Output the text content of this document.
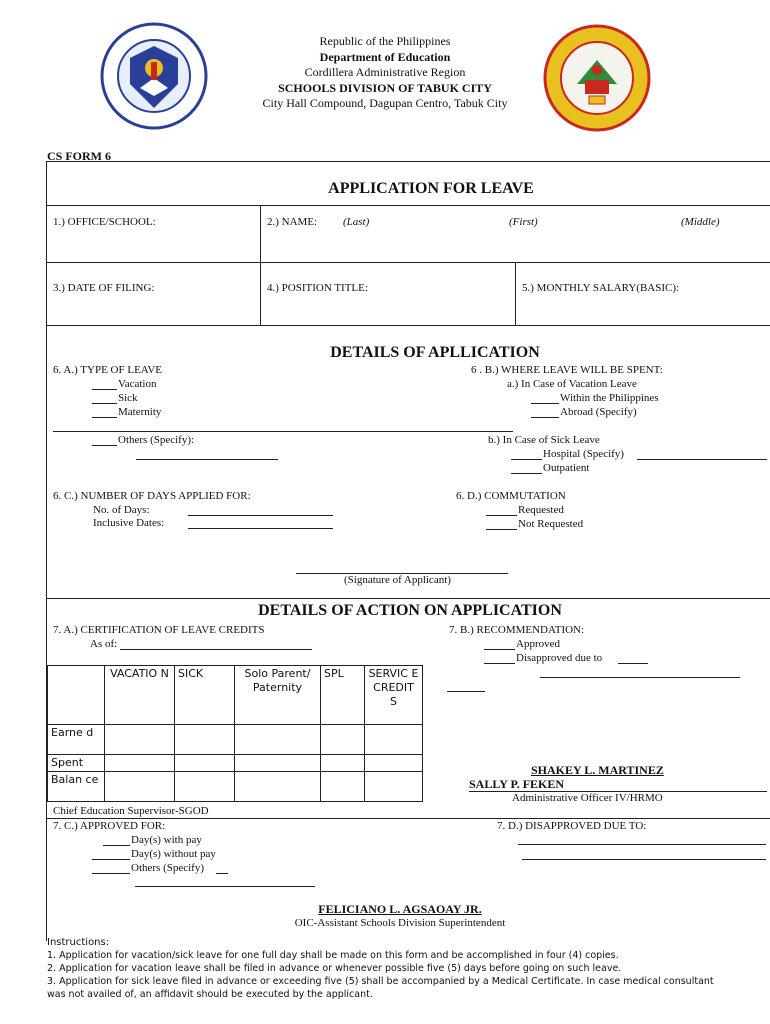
Republic of the Philippines
Department of Education
Cordillera Administrative Region
SCHOOLS DIVISION OF TABUK CITY
City Hall Compound, Dagupan Centro, Tabuk City
CS FORM 6
APPLICATION FOR LEAVE
1.) OFFICE/SCHOOL:	2.) NAME: (Last)	(First)	(Middle)
3.) DATE OF FILING:	4.) POSITION TITLE:	5.) MONTHLY SALARY(BASIC):
DETAILS OF APLLICATION
6. A.) TYPE OF LEAVE
Vacation
Sick
Maternity
Others (Specify):
6 . B.) WHERE LEAVE WILL BE SPENT:
a.) In Case of Vacation Leave
Within the Philippines
Abroad (Specify)
b.) In Case of Sick Leave
Hospital (Specify)
Outpatient
6. C.) NUMBER OF DAYS APPLIED FOR:
No. of Days:
Inclusive Dates:
6. D.) COMMUTATION
Requested
Not Requested
(Signature of Applicant)
DETAILS OF ACTION ON APPLICATION
7. A.) CERTIFICATION OF LEAVE CREDITS
As of:
7. B.) RECOMMENDATION:
Approved
Disapproved due to
	VACATIO N	SICK	Solo Parent/ Paternity	SPL	SERVIC E CREDIT S
Earne d					
Spent					
Balan ce					
SHAKEY L. MARTINEZ
SALLY P. FEKEN
Administrative Officer IV/HRMO
Chief Education Supervisor-SGOD
7. C.) APPROVED FOR:
Day(s) with pay
Day(s) without pay
Others (Specify)
7. D.) DISAPPROVED DUE TO:
FELICIANO L. AGSAOAY JR.
OIC-Assistant Schools Division Superintendent
Instructions:
1. Application for vacation/sick leave for one full day shall be made on this form and be accomplished in four (4) copies.
2. Application for vacation leave shall be filed in advance or whenever possible five (5) days before going on such leave.
3. Application for sick leave filed in advance or exceeding five (5) shall be accompanied by a Medical Certificate. In case medical consultant
was not availed of, an affidavit should be executed by the applicant.
